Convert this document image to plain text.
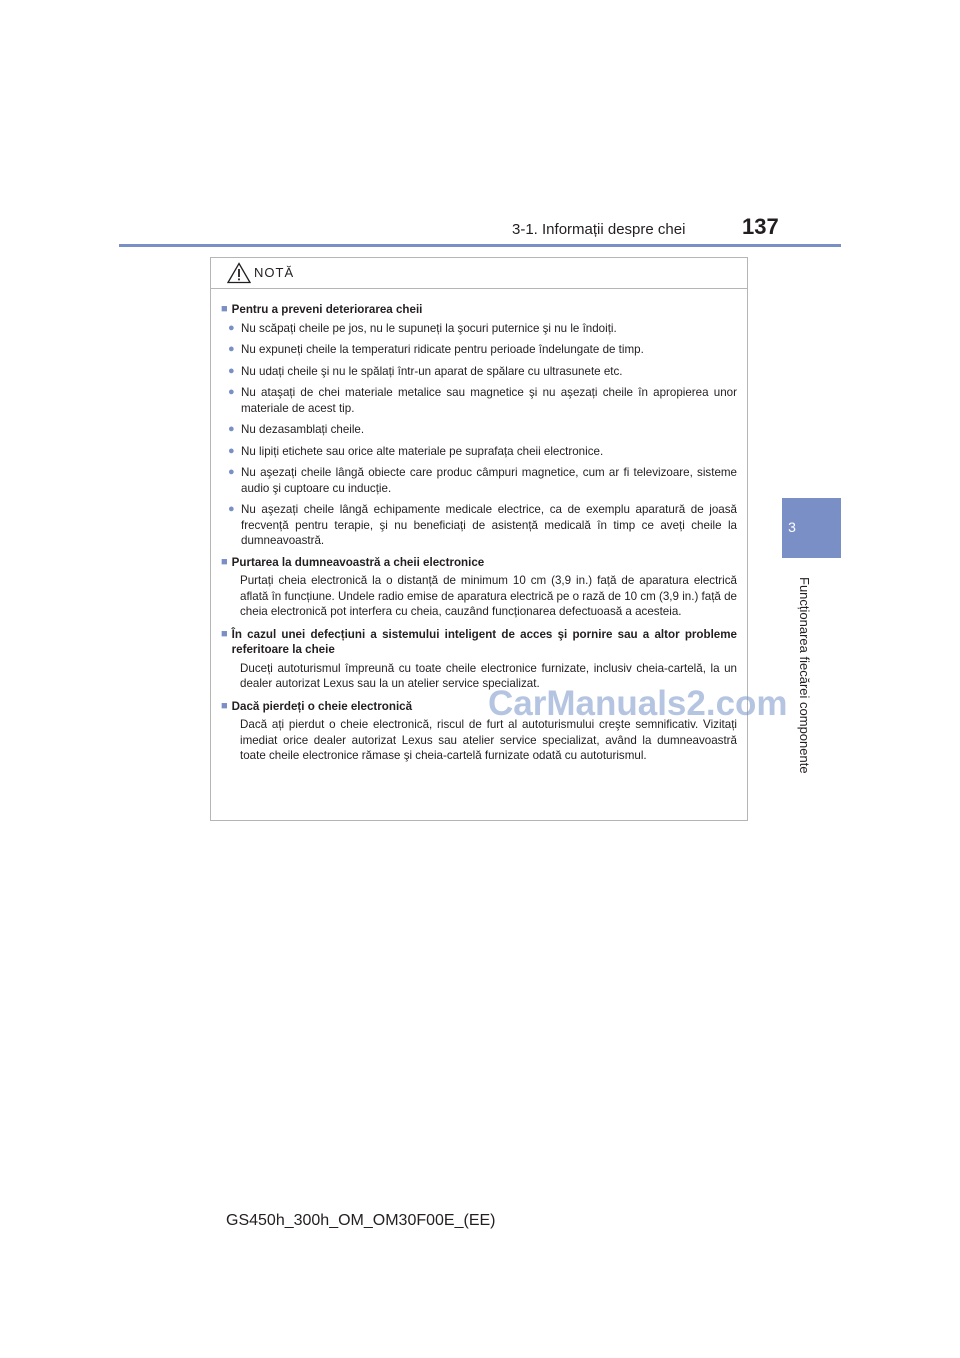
3-1. Informații despre chei	137
3
Funcționarea fiecărei componente
NOTĂ
■ Pentru a preveni deteriorarea cheii
● Nu scăpați cheile pe jos, nu le supuneți la şocuri puternice şi nu le îndoiți.
● Nu expuneți cheile la temperaturi ridicate pentru perioade îndelungate de timp.
● Nu udați cheile şi nu le spălați într-un aparat de spălare cu ultrasunete etc.
● Nu ataşați de chei materiale metalice sau magnetice şi nu aşezați cheile în apropierea unor materiale de acest tip.
● Nu dezasamblați cheile.
● Nu lipiți etichete sau orice alte materiale pe suprafața cheii electronice.
● Nu aşezați cheile lângă obiecte care produc câmpuri magnetice, cum ar fi televizoare, sisteme audio şi cuptoare cu inducție.
● Nu aşezați cheile lângă echipamente medicale electrice, ca de exemplu aparatură de joasă frecvență pentru terapie, şi nu beneficiați de asistență medicală în timp ce aveți cheile la dumneavoastră.
■ Purtarea la dumneavoastră a cheii electronice
Purtați cheia electronică la o distanță de minimum 10 cm (3,9 in.) față de aparatura electrică aflată în funcțiune. Undele radio emise de aparatura electrică pe o rază de 10 cm (3,9 in.) față de cheia electronică pot interfera cu cheia, cauzând funcționarea defectuoasă a acesteia.
■ În cazul unei defecțiuni a sistemului inteligent de acces şi pornire sau a altor probleme referitoare la cheie
Duceți autoturismul împreună cu toate cheile electronice furnizate, inclusiv cheia-cartelă, la un dealer autorizat Lexus sau la un atelier service specializat.
■ Dacă pierdeți o cheie electronică
Dacă ați pierdut o cheie electronică, riscul de furt al autoturismului creşte semnificativ. Vizitați imediat orice dealer autorizat Lexus sau atelier service specializat, având la dumneavoastră toate cheile electronice rămase şi cheia-cartelă furnizate odată cu autoturismul.
CarManuals2.com
GS450h_300h_OM_OM30F00E_(EE)
